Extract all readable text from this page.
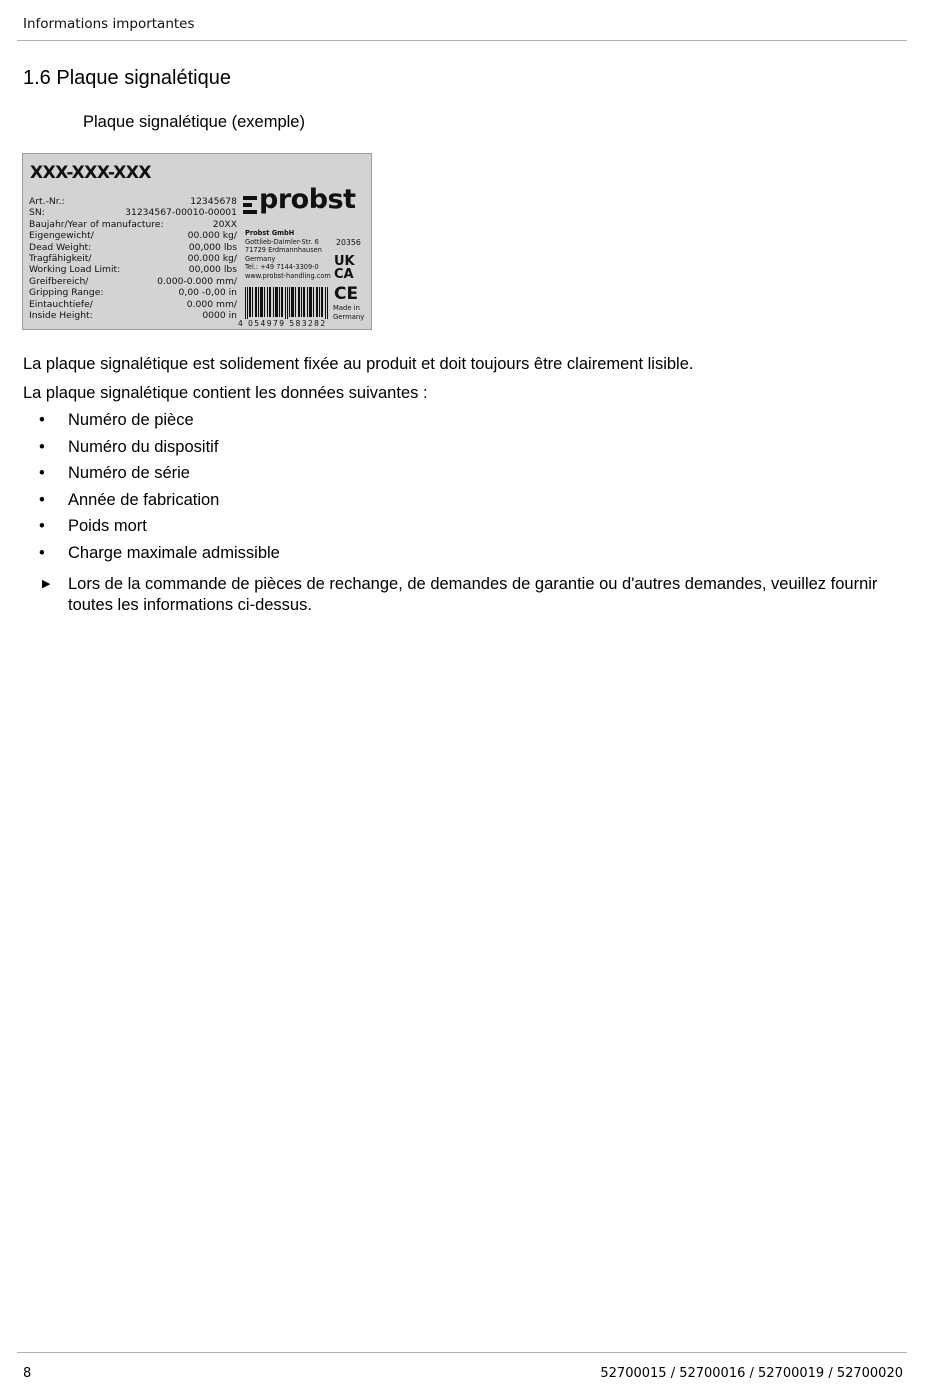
Informations importantes
1.6 Plaque signalétique
Plaque signalétique (exemple)
XXX-XXX-XXX
Art.-Nr.:	12345678
SN:	31234567-00010-00001
Baujahr/Year of manufacture:	20XX
Eigengewicht/	00.000 kg/
Dead Weight:	00,000 lbs
Tragfähigkeit/	00.000 kg/
Working Load Limit:	00,000 lbs
Greifbereich/	0.000-0.000 mm/
Gripping Range:	0,00 -0,00 in
Eintauchtiefe/	0.000 mm/
Inside Height:	0000 in
probst
Probst GmbH
Gottlieb-Daimler-Str. 6
71729 Erdmannhausen
Germany
Tel.: +49 7144-3309-0
www.probst-handling.com
20356
UK
CA
CE
Made in
Germany
4 054979 583282
La plaque signalétique est solidement fixée au produit et doit toujours être clairement lisible.
La plaque signalétique contient les données suivantes :
• Numéro de pièce
• Numéro du dispositif
• Numéro de série
• Année de fabrication
• Poids mort
• Charge maximale admissible
▶	Lors de la commande de pièces de rechange, de demandes de garantie ou d'autres demandes, veuillez fournir toutes les informations ci-dessus.
8	52700015 / 52700016 / 52700019 / 52700020
